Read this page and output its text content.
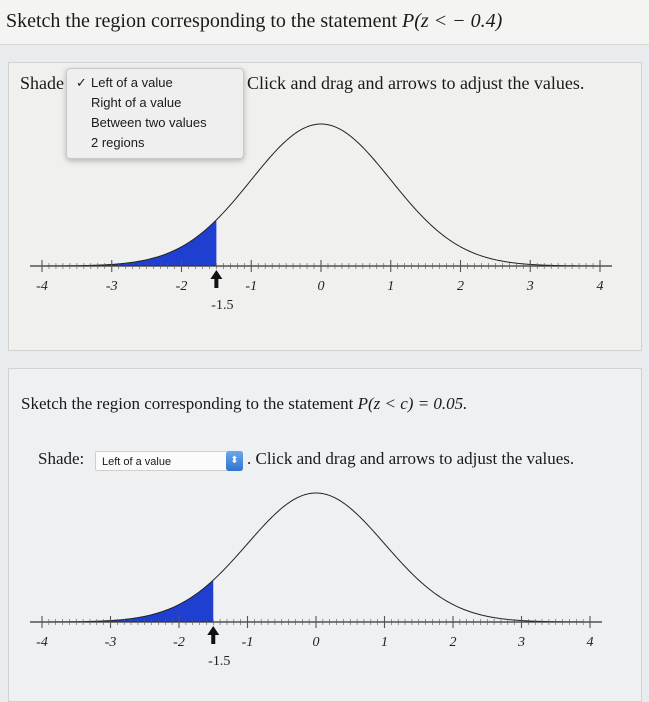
Sketch the region corresponding to the statement P(z < − 0.4)
Shade	Click and drag and arrows to adjust the values.
✓ Left of a value
Right of a value
Between two values
2 regions
-4	-3	-2	-1	0	1	2	3	4
-1.5
Sketch the region corresponding to the statement P(z < c) = 0.05.
Shade:	Left of a value	⬍ . Click and drag and arrows to adjust the values.
-4	-3	-2	-1	0	1	2	3	4
-1.5
